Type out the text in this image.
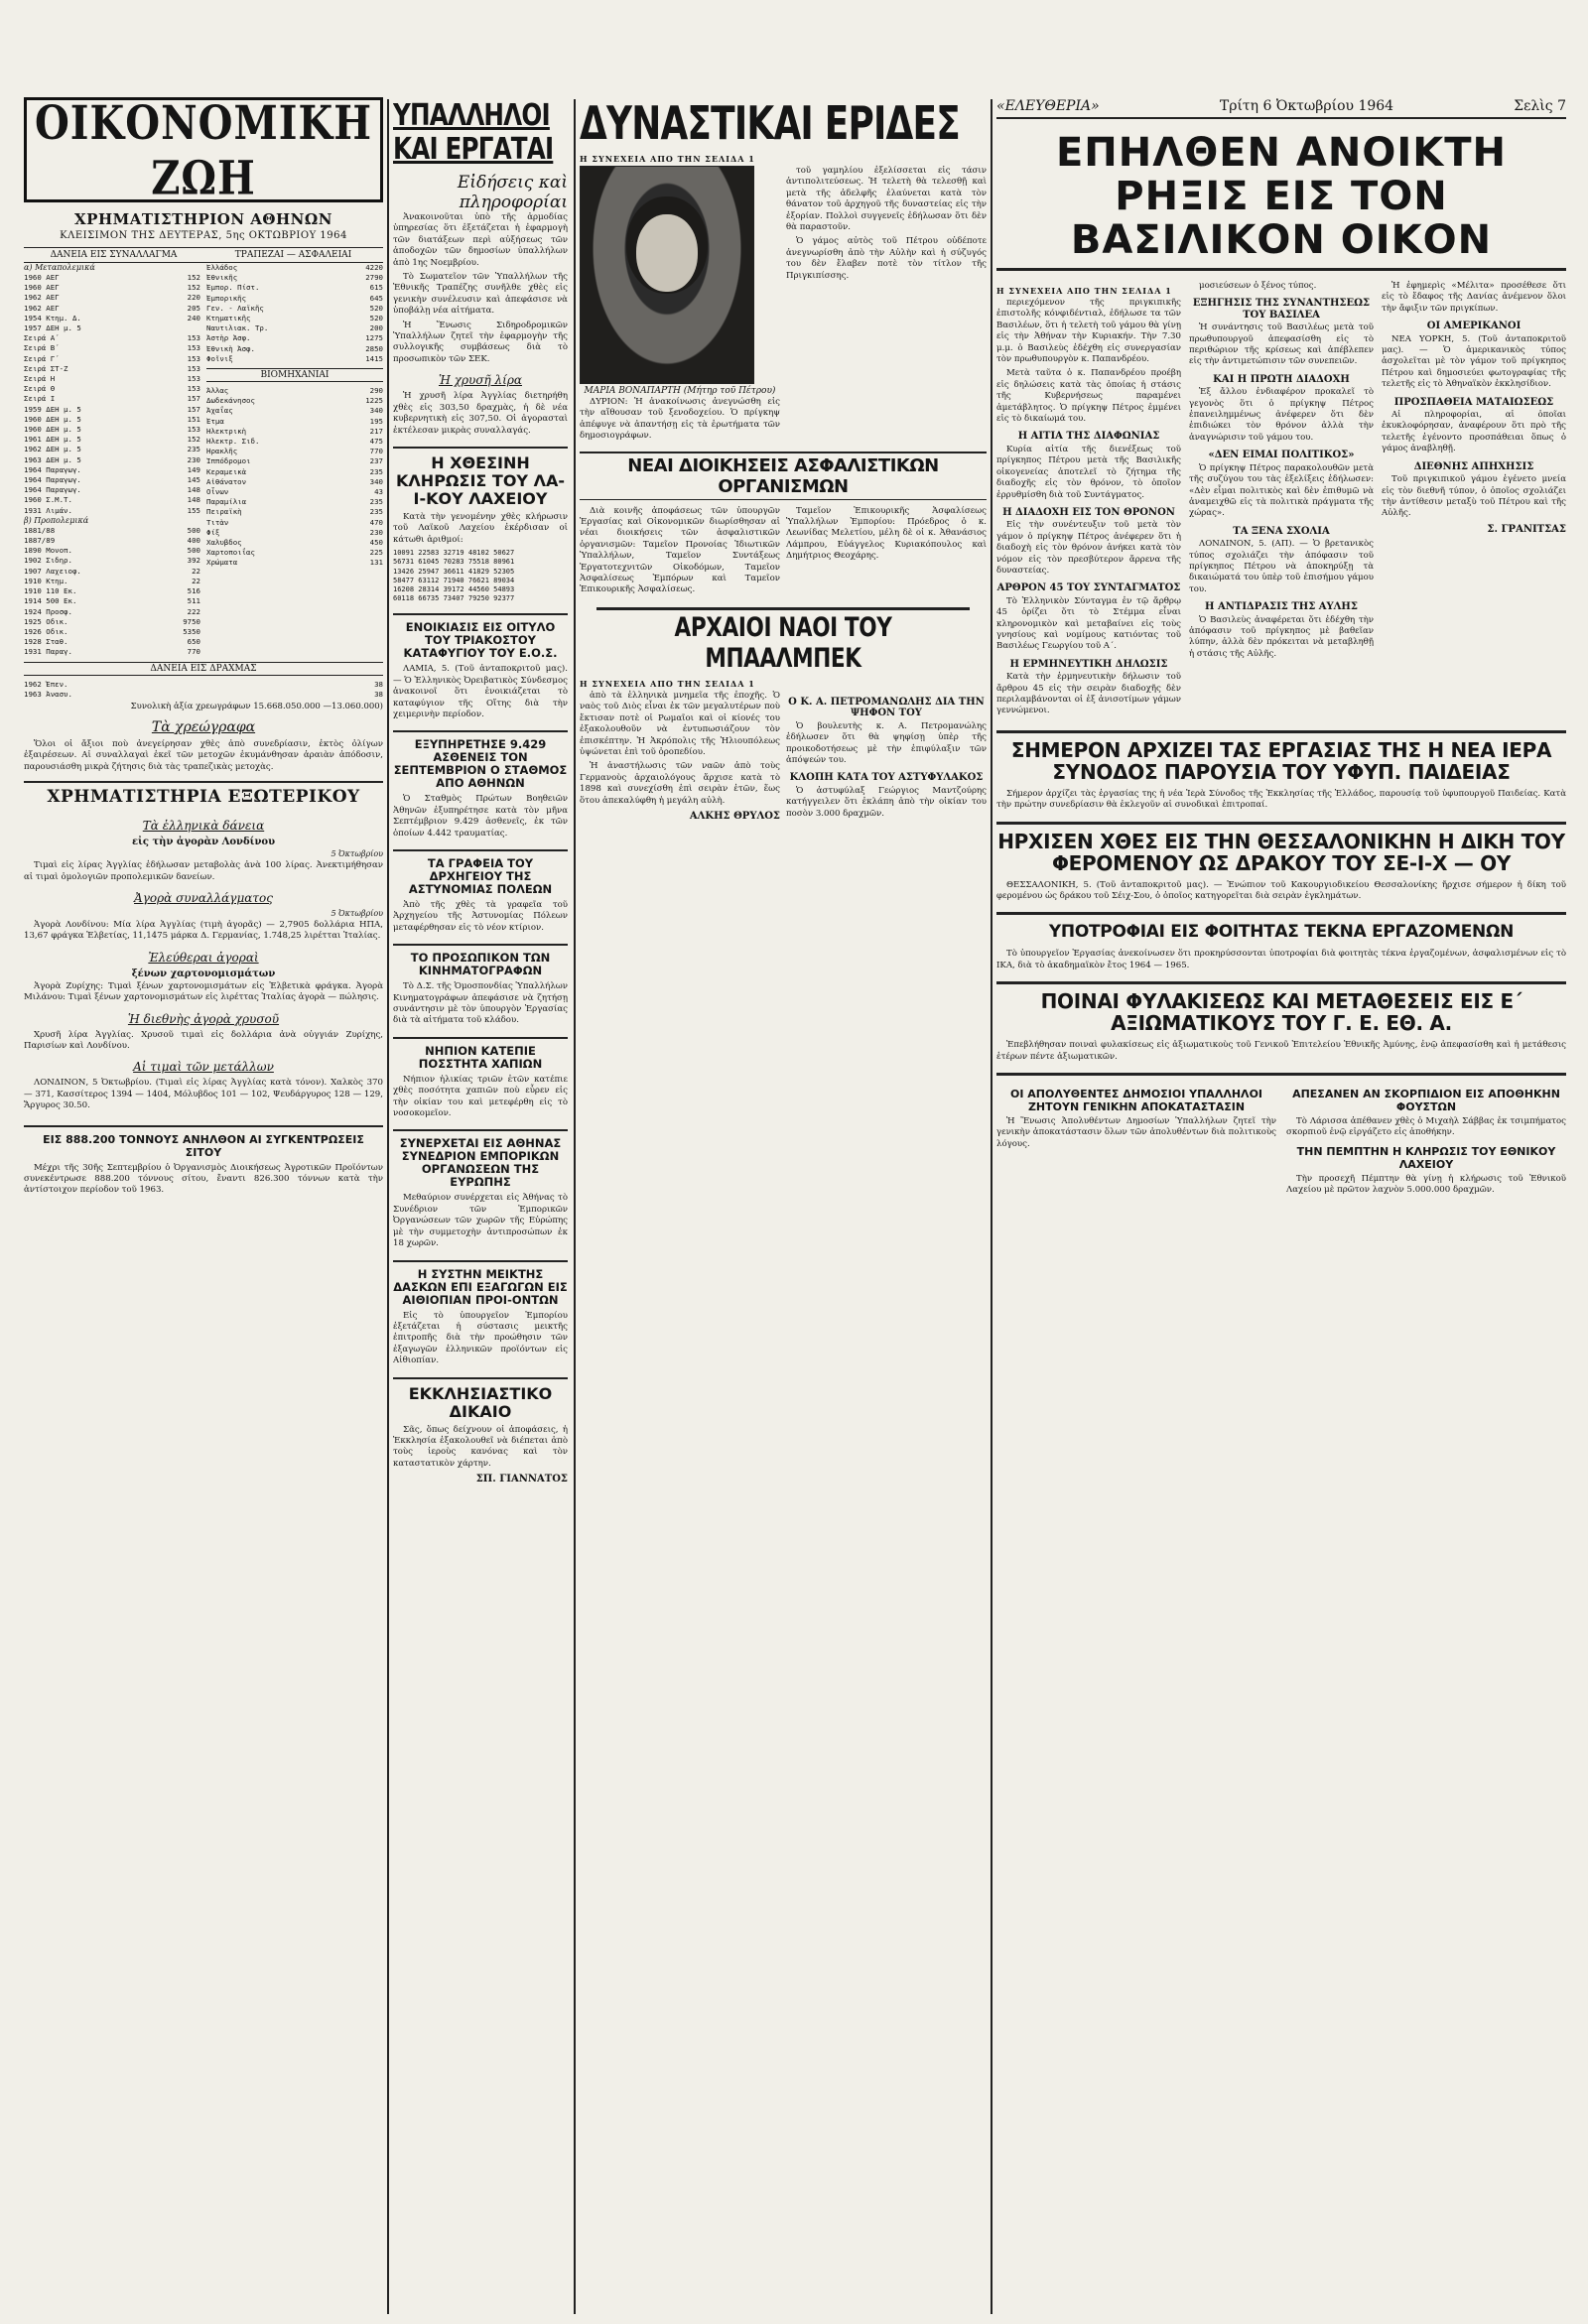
«ΕΛΕΥΘΕΡΙΑ»	Τρίτη 6 Ὀκτωβρίου 1964	Σελὶς 7
ΟΙΚΟΝΟΜΙΚΗ ΖΩΗ
ΧΡΗΜΑΤΙΣΤΗΡΙΟΝ ΑΘΗΝΩΝ
ΚΛΕΙΣΙΜΟΝ ΤΗΣ ΔΕΥΤΕΡΑΣ, 5ης ΟΚΤΩΒΡΙΟΥ 1964
ΔΑΝΕΙΑ ΕΙΣ ΣΥΝΑΛΛΑΓΜΑ	ΤΡΑΠΕΖΑΙ — ΑΣΦΑΛΕΙΑΙ
α) Μεταπολεμικά
1960 ΑΕΓ	152
1960 ΑΕΓ	152
1962 ΑΕΓ	220
1962 ΑΕΓ	205
1954 Κτημ. Δ.	240
1957 ΔΕΗ μ. 5
Σειρά Α΄	153
Σειρά Β΄	153
Σειρά Γ΄	153
Σειρά ΣΤ-Ζ	153
Σειρά Η	153
Σειρά Θ	153
Σειρά Ι	157
1959 ΔΕΗ μ. 5	157
1960 ΔΕΗ μ. 5	151
1960 ΔΕΗ μ. 5	153
1961 ΔΕΗ μ. 5	152
1962 ΔΕΗ μ. 5	235
1963 ΔΕΗ μ. 5	230
1964 Παραγωγ.	149
1964 Παραγωγ.	145
1964 Παραγωγ.	148
1960 Σ.Μ.Τ.	148
1931 Λιμάν.	155
β) Προπολεμικά
1881/88	500
1887/89	400
1890 Μονοπ.	500
1902 Σιδηρ.	392
1907 Λαχειοφ.	22
1910 Κτημ.	22
1910 110 Εκ.	516
1914 500 Εκ.	511
1924 Προσφ.	222
1925 Οδικ.	9750
1926 Οδικ.	5350
1928 Σταθ.	650
1931 Παραγ.	770
Ἑλλάδος	4220
Ἐθνικῆς	2790
Ἐμπορ. Πίστ.	615
Ἐμπορικῆς	645
Γεν. - Λαϊκῆς	520
Κτηματικῆς	520
Ναυτιλιακ. Τρ.	200
Ἀστὴρ Ἀσφ.	1275
Ἐθνικὴ Ἀσφ.	2850
Φοῖνιξ	1415
ΒΙΟΜΗΧΑΝΙΑΙ
Ἄλλας	290
Δωδεκάνησος	1225
Ἀχαΐας	340
Ἔτμα	195
Ἠλεκτρικὴ	217
Ἠλεκτρ. Σιδ.	475
Ἡρακλῆς	770
Ἰππόδρομοι	237
Κεραμεικὰ	235
Αἰθάνατον	340
Οἶνων	43
Παραμίλια	235
Πειραϊκὴ	235
Τιτὰν	470
Φίξ	230
Χαλυβδος	450
Χαρτοποιΐας	225
Χρώματα	131
ΔΑΝΕΙΑ ΕΙΣ ΔΡΑΧΜΑΣ
1962 Ἐπεν.	38
1963 Ἀνασυ.	38
Συνολικὴ ἀξία χρεωγράφων 15.668.050.000 —13.060.000)
Τὰ χρεώγραφα

Ὅλοι οἱ ἄξιοι ποὺ ἀνεγείρησαν χθὲς ἀπὸ συνεδρίασιν, ἐκτὸς ὀλίγων ἐξαιρέσεων. Αἱ συναλλαγαὶ ἐκεῖ τῶν μετοχῶν ἐκυμάνθησαν ἀραιὰν ἀπόδοσιν, παρουσιάσθη μικρὰ ζήτησις διὰ τὰς τραπεζικὰς μετοχὰς.

ΧΡΗΜΑΤΙΣΤΗΡΙΑ ΕΞΩΤΕΡΙΚΟΥ
Τὰ ἑλληνικὰ δάνεια
εἰς τὴν ἀγορὰν Λονδίνου
5 Ὀκτωβρίου

Τιμαὶ εἰς λίρας Ἀγγλίας ἐδήλωσαν μεταβολὰς ἀνὰ 100 λίρας. Ἀνεκτιμήθησαν αἱ τιμαὶ ὁμολογιῶν προπολεμικῶν δανείων.

Ἀγορὰ συναλλάγματος
5 Ὀκτωβρίου

Ἀγορὰ Λονδίνου: Μία λίρα Ἀγγλίας (τιμὴ ἀγορᾶς) — 2,7905 δολλάρια ΗΠΑ, 13,67 φράγκα Ἑλβετίας, 11,1475 μάρκα Δ. Γερμανίας, 1.748,25 λιρέτται Ἰταλίας.

Ἐλεύθεραι ἀγοραὶ
ξένων χαρτονομισμάτων

Ἀγορὰ Ζυρίχης: Τιμαὶ ξένων χαρτονομισμάτων εἰς Ἑλβετικὰ φράγκα. Ἀγορὰ Μιλάνου: Τιμαὶ ξένων χαρτονομισμάτων εἰς λιρέττας Ἰταλίας ἀγορὰ — πώλησις.

Ἡ διεθνὴς ἀγορὰ χρυσοῦ

Χρυσῆ λίρα Ἀγγλίας. Χρυσοῦ τιμαὶ εἰς δολλάρια ἀνὰ οὐγγιάν Ζυρίχης, Παρισίων καὶ Λονδίνου.

Αἱ τιμαὶ τῶν μετάλλων

ΛΟΝΔΙΝΟΝ, 5 Ὀκτωβρίου. (Τιμαὶ εἰς λίρας Ἀγγλίας κατὰ τόνον). Χαλκὸς 370 — 371, Κασσίτερος 1394 — 1404, Μόλυβδος 101 — 102, Ψευδάργυρος 128 — 129, Ἄργυρος 30.50.

ΕΙΣ 888.200 ΤΟΝΝΟΥΣ ΑΝΗΛΘΟΝ ΑΙ ΣΥΓΚΕΝΤΡΩΣΕΙΣ ΣΙΤΟΥ

Μέχρι τῆς 30ῆς Σεπτεμβρίου ὁ Ὀργανισμὸς Διοικήσεως Ἀγροτικῶν Προϊόντων συνεκέντρωσε 888.200 τόννους σίτου, ἔναντι 826.300 τόννων κατὰ τὴν ἀντίστοιχον περίοδον τοῦ 1963.

ΥΠΑΛΛΗΛΟΙ ΚΑΙ ΕΡΓΑΤΑΙ
Εἰδήσεις καὶ πληροφορίαι

Ἀνακοινοῦται ὑπὸ τῆς ἀρμοδίας ὑπηρεσίας ὅτι ἐξετάζεται ἡ ἐφαρμογὴ τῶν διατάξεων περὶ αὐξήσεως τῶν ἀποδοχῶν τῶν δημοσίων ὑπαλλήλων ἀπὸ 1ης Νοεμβρίου.

Τὸ Σωματεῖον τῶν Ὑπαλλήλων τῆς Ἐθνικῆς Τραπέζης συνῆλθε χθὲς εἰς γενικὴν συνέλευσιν καὶ ἀπεφάσισε νὰ ὑποβάλῃ νέα αἰτήματα.

Ἡ Ἕνωσις Σιδηροδρομικῶν Ὑπαλλήλων ζητεῖ τὴν ἐφαρμογὴν τῆς συλλογικῆς συμβάσεως διὰ τὸ προσωπικὸν τῶν ΣΕΚ.

Ἡ χρυσῆ λίρα

Ἡ χρυσῆ λίρα Ἀγγλίας διετηρήθη χθὲς εἰς 303,50 δραχμὰς, ἡ δὲ νέα κυβερνητικὴ εἰς 307,50. Οἱ ἀγορασταὶ ἐκτέλεσαν μικρὰς συναλλαγάς.

Η ΧΘΕΣΙΝΗ ΚΛΗΡΩΣΙΣ ΤΟΥ ΛΑ-Ι-ΚΟΥ ΛΑΧΕΙΟΥ

Κατὰ τὴν γενομένην χθὲς κλήρωσιν τοῦ Λαϊκοῦ Λαχείου ἐκέρδισαν οἱ κάτωθι ἀριθμοί:

10091 22583 32719 48102 50627
56731 61045 70283 75518 80961
13426 25947 36611 41829 52305
58477 63112 71940 76621 89034
16208 28314 39172 44560 54893
60118 66735 73407 79250 92377
ΕΝΟΙΚΙΑΣΙΣ ΕΙΣ ΟΙΤΥΛΟ ΤΟΥ ΤΡΙΑΚΟΣΤΟΥ ΚΑΤΑΦΥΓΙΟΥ ΤΟΥ Ε.Ο.Σ.

ΛΑΜΙΑ, 5. (Τοῦ ἀνταποκριτοῦ μας). — Ὁ Ἑλληνικὸς Ὀρειβατικὸς Σύνδεσμος ἀνακοινοῖ ὅτι ἐνοικιάζεται τὸ καταφύγιον τῆς Οἴτης διὰ τὴν χειμερινὴν περίοδον.

ΕΞΥΠΗΡΕΤΗΣΕ 9.429 ΑΣΘΕΝΕΙΣ ΤΟΝ ΣΕΠΤΕΜΒΡΙΟΝ Ο ΣΤΑΘΜΟΣ ΑΠΟ ΑΘΗΝΩΝ

Ὁ Σταθμὸς Πρώτων Βοηθειῶν Ἀθηνῶν ἐξυπηρέτησε κατὰ τὸν μῆνα Σεπτέμβριον 9.429 ἀσθενεῖς, ἐκ τῶν ὁποίων 4.442 τραυματίας.

ΤΑ ΓΡΑΦΕΙΑ ΤΟΥ ΔΡΧΗΓΕΙΟΥ ΤΗΣ ΑΣΤΥΝΟΜΙΑΣ ΠΟΛΕΩΝ

Ἀπὸ τῆς χθὲς τὰ γραφεῖα τοῦ Ἀρχηγείου τῆς Ἀστυνομίας Πόλεων μεταφέρθησαν εἰς τὸ νέον κτίριον.

ΤΟ ΠΡΟΣΩΠΙΚΟΝ ΤΩΝ ΚΙΝΗΜΑΤΟΓΡΑΦΩΝ

Τὸ Δ.Σ. τῆς Ὁμοσπονδίας Ὑπαλλήλων Κινηματογράφων ἀπεφάσισε νὰ ζητήσῃ συνάντησιν μὲ τὸν ὑπουργὸν Ἐργασίας διὰ τὰ αἰτήματα τοῦ κλάδου.

ΝΗΠΙΟΝ ΚΑΤΕΠΙΕ ΠΟΣΣΤΗΤΑ ΧΑΠΙΩΝ

Νήπιον ἡλικίας τριῶν ἐτῶν κατέπιε χθὲς ποσότητα χαπιῶν ποὺ εὗρεν εἰς τὴν οἰκίαν του καὶ μετεφέρθη εἰς τὸ νοσοκομεῖον.

ΣΥΝΕΡΧΕΤΑΙ ΕΙΣ ΑΘΗΝΑΣ ΣΥΝΕΔΡΙΟΝ ΕΜΠΟΡΙΚΩΝ ΟΡΓΑΝΩΣΕΩΝ ΤΗΣ ΕΥΡΩΠΗΣ

Μεθαύριον συνέρχεται εἰς Ἀθήνας τὸ Συνέδριον τῶν Ἐμπορικῶν Ὀργανώσεων τῶν χωρῶν τῆς Εὐρώπης μὲ τὴν συμμετοχὴν ἀντιπροσώπων ἐκ 18 χωρῶν.

Η ΣΥΣΤΗΝ ΜΕΙΚΤΗΣ ΔΑΣΚΩΝ ΕΠΙ ΕΞΑΓΩΓΩΝ ΕΙΣ ΑΙΘΙΟΠΙΑΝ ΠΡΟΙ-ΟΝΤΩΝ

Εἰς τὸ ὑπουργεῖον Ἐμπορίου ἐξετάζεται ἡ σύστασις μεικτῆς ἐπιτροπῆς διὰ τὴν προώθησιν τῶν ἐξαγωγῶν ἑλληνικῶν προϊόντων εἰς Αἰθιοπίαν.

ΕΚΚΛΗΣΙΑΣΤΙΚΟ ΔΙΚΑΙΟ

Σᾶς, ὅπως δείχνουν οἱ ἀποφάσεις, ἡ Ἐκκλησία ἐξακολουθεῖ νὰ διέπεται ἀπὸ τοὺς ἱεροὺς κανόνας καὶ τὸν καταστατικὸν χάρτην.

ΣΠ. ΓΙΑΝΝΑΤΟΣ
ΔΥΝΑΣΤΙΚΑΙ ΕΡΙΔΕΣ
Η ΣΥΝΕΧΕΙΑ ΑΠΟ ΤΗΝ ΣΕΛΙΔΑ 1
ΜΑΡΙΑ ΒΟΝΑΠΑΡΤΗ (Μήτηρ τοῦ Πέτρου)

ΔΥΡΙΟΝ: Ἡ ἀνακοίνωσις ἀνεγνώσθη εἰς τὴν αἴθουσαν τοῦ ξενοδοχείου. Ὁ πρίγκηψ ἀπέφυγε νὰ ἀπαντήσῃ εἰς τὰ ἐρωτήματα τῶν δημοσιογράφων.

τοῦ γαμηλίου ἐξελίσσεται εἰς τάσιν ἀντιπολιτεύσεως. Ἡ τελετὴ θὰ τελεσθῇ καὶ μετὰ τῆς ἀδελφῆς ἐλαύνεται κατὰ τὸν θάνατον τοῦ ἀρχηγοῦ τῆς δυναστείας εἰς τὴν ἐξορίαν. Πολλοὶ συγγενεῖς ἐδήλωσαν ὅτι δὲν θὰ παραστοῦν.

Ὁ γάμος αὐτὸς τοῦ Πέτρου οὐδέποτε ἀνεγνωρίσθη ἀπὸ τὴν Αὐλὴν καὶ ἡ σύζυγός του δὲν ἔλαβεν ποτὲ τὸν τίτλον τῆς Πριγκιπίσσης.

ΝΕΑΙ ΔΙΟΙΚΗΣΕΙΣ ΑΣΦΑΛΙΣΤΙΚΩΝ ΟΡΓΑΝΙΣΜΩΝ

Διὰ κοινῆς ἀποφάσεως τῶν ὑπουργῶν Ἐργασίας καὶ Οἰκονομικῶν διωρίσθησαν αἱ νέαι διοικήσεις τῶν ἀσφαλιστικῶν ὀργανισμῶν: Ταμεῖον Προνοίας Ἰδιωτικῶν Ὑπαλλήλων, Ταμεῖον Συντάξεως Ἐργατοτεχνιτῶν Οἰκοδόμων, Ταμεῖον Ἀσφαλίσεως Ἐμπόρων καὶ Ταμεῖον Ἐπικουρικῆς Ἀσφαλίσεως.

Ταμεῖον Ἐπικουρικῆς Ἀσφαλίσεως Ὑπαλλήλων Ἐμπορίου: Πρόεδρος ὁ κ. Λεωνίδας Μελετίου, μέλη δὲ οἱ κ. Ἀθανάσιος Λάμπρου, Εὐάγγελος Κυριακόπουλος καὶ Δημήτριος Θεοχάρης.

ΑΡΧΑΙΟΙ ΝΑΟΙ ΤΟΥ ΜΠΑΑΛΜΠΕΚ
Η ΣΥΝΕΧΕΙΑ ΑΠΟ ΤΗΝ ΣΕΛΙΔΑ 1

ἀπὸ τὰ ἑλληνικὰ μνημεῖα τῆς ἐποχῆς. Ὁ ναὸς τοῦ Διὸς εἶναι ἐκ τῶν μεγαλυτέρων ποὺ ἔκτισαν ποτὲ οἱ Ρωμαῖοι καὶ οἱ κίονές του ἐξακολουθοῦν νὰ ἐντυπωσιάζουν τὸν ἐπισκέπτην. Ἡ Ἀκρόπολις τῆς Ἡλιουπόλεως ὑψώνεται ἐπὶ τοῦ ὀροπεδίου.

Ἡ ἀναστήλωσις τῶν ναῶν ἀπὸ τοὺς Γερμανοὺς ἀρχαιολόγους ἄρχισε κατὰ τὸ 1898 καὶ συνεχίσθη ἐπὶ σειρὰν ἐτῶν, ἕως ὅτου ἀπεκαλύφθη ἡ μεγάλη αὐλὴ.

ΑΛΚΗΣ ΘΡΥΛΟΣ
Ο Κ. Α. ΠΕΤΡΟΜΑΝΩΛΗΣ ΔΙΑ ΤΗΝ ΨΗΦΟΝ ΤΟΥ

Ὁ βουλευτὴς κ. Α. Πετρομανώλης ἐδήλωσεν ὅτι θὰ ψηφίσῃ ὑπὲρ τῆς προικοδοτήσεως μὲ τὴν ἐπιφύλαξιν τῶν ἀπόψεών του.

ΚΛΟΠΗ ΚΑΤΑ ΤΟΥ ΑΣΤΥΦΥΛΑΚΟΣ

Ὁ ἀστυφύλαξ Γεώργιος Μαντζούρης κατήγγειλεν ὅτι ἐκλάπη ἀπὸ τὴν οἰκίαν του ποσὸν 3.000 δραχμῶν.

ΕΠΗΛΘΕΝ ΑΝΟΙΚΤΗ ΡΗΞΙΣ ΕΙΣ ΤΟΝ ΒΑΣΙΛΙΚΟΝ ΟΙΚΟΝ
Η ΣΥΝΕΧΕΙΑ ΑΠΟ ΤΗΝ ΣΕΛΙΔΑ 1

περιεχόμενον τῆς πριγκιπικῆς ἐπιστολῆς κόνφιδέντιαλ, ἐδήλωσε τα τῶν Βασιλέων, ὅτι ἡ τελετὴ τοῦ γάμου θὰ γίνῃ εἰς τὴν Ἀθήναν τὴν Κυριακήν. Τὴν 7.30 μ.μ. ὁ Βασιλεὺς ἐδέχθη εἰς συνεργασίαν τὸν πρωθυπουργὸν κ. Παπανδρέου.

Μετὰ ταῦτα ὁ κ. Παπανδρέου προέβη εἰς δηλώσεις κατὰ τὰς ὁποίας ἡ στάσις τῆς Κυβερνήσεως παραμένει ἀμετάβλητος. Ὁ πρίγκηψ Πέτρος ἐμμένει εἰς τὸ δικαίωμά του.

Η ΑΙΤΙΑ ΤΗΣ ΔΙΑΦΩΝΙΑΣ

Κυρία αἰτία τῆς διενέξεως τοῦ πρίγκηπος Πέτρου μετὰ τῆς Βασιλικῆς οἰκογενείας ἀποτελεῖ τὸ ζήτημα τῆς διαδοχῆς εἰς τὸν θρόνον, τὸ ὁποῖον ἐρρυθμίσθη διὰ τοῦ Συντάγματος.

Η ΔΙΑΔΟΧΗ ΕΙΣ ΤΟΝ ΘΡΟΝΟΝ

Εἰς τὴν συνέντευξιν τοῦ μετὰ τὸν γάμον ὁ πρίγκηψ Πέτρος ἀνέφερεν ὅτι ἡ διαδοχὴ εἰς τὸν θρόνον ἀνήκει κατὰ τὸν νόμον εἰς τὸν πρεσβύτερον ἄρρενα τῆς δυναστείας.

ΑΡΘΡΟΝ 45 ΤΟΥ ΣΥΝΤΑΓΜΑΤΟΣ

Τὸ Ἑλληνικὸν Σύνταγμα ἐν τῷ ἄρθρῳ 45 ὁρίζει ὅτι τὸ Στέμμα εἶναι κληρονομικὸν καὶ μεταβαίνει εἰς τοὺς γνησίους καὶ νομίμους κατιόντας τοῦ Βασιλέως Γεωργίου τοῦ Α΄.

Η ΕΡΜΗΝΕΥΤΙΚΗ ΔΗΛΩΣΙΣ

Κατὰ τὴν ἑρμηνευτικὴν δήλωσιν τοῦ ἄρθρου 45 εἰς τὴν σειρὰν διαδοχῆς δὲν περιλαμβάνονται οἱ ἐξ ἀνισοτίμων γάμων γεννώμενοι.

μοσιεύσεων ὁ ξένος τύπος.

ΕΞΗΓΗΣΙΣ ΤΗΣ ΣΥΝΑΝΤΗΣΕΩΣ ΤΟΥ ΒΑΣΙΛΕΑ

Ἡ συνάντησις τοῦ Βασιλέως μετὰ τοῦ πρωθυπουργοῦ ἀπεφασίσθη εἰς τὸ περιθώριον τῆς κρίσεως καὶ ἀπέβλεπεν εἰς τὴν ἀντιμετώπισιν τῶν συνεπειῶν.

ΚΑΙ Η ΠΡΩΤΗ ΔΙΑΔΟΧΗ

Ἐξ ἄλλου ἐνδιαφέρον προκαλεῖ τὸ γεγονὸς ὅτι ὁ πρίγκηψ Πέτρος ἐπανειλημμένως ἀνέφερεν ὅτι δὲν ἐπιδιώκει τὸν θρόνον ἀλλὰ τὴν ἀναγνώρισιν τοῦ γάμου του.

«ΔΕΝ ΕΙΜΑΙ ΠΟΛΙΤΙΚΟΣ»

Ὁ πρίγκηψ Πέτρος παρακολουθῶν μετὰ τῆς συζύγου του τὰς ἐξελίξεις ἐδήλωσεν: «Δὲν εἶμαι πολιτικὸς καὶ δὲν ἐπιθυμῶ νὰ ἀναμειχθῶ εἰς τὰ πολιτικὰ πράγματα τῆς χώρας».

ΤΑ ΞΕΝΑ ΣΧΟΛΙΑ

ΛΟΝΔΙΝΟΝ, 5. (ΑΠ). — Ὁ βρετανικὸς τύπος σχολιάζει τὴν ἀπόφασιν τοῦ πρίγκηπος Πέτρου νὰ ἀποκηρύξῃ τὰ δικαιώματά του ὑπὲρ τοῦ ἐπισήμου γάμου του.

Η ΑΝΤΙΔΡΑΣΙΣ ΤΗΣ ΑΥΛΗΣ

Ὁ Βασιλεὺς ἀναφέρεται ὅτι ἐδέχθη τὴν ἀπόφασιν τοῦ πρίγκηπος μὲ βαθεῖαν λύπην, ἀλλὰ δὲν πρόκειται νὰ μεταβληθῇ ἡ στάσις τῆς Αὐλῆς.

Ἡ ἐφημερὶς «Μέλιτα» προσέθεσε ὅτι εἰς τὸ ἔδαφος τῆς Δανίας ἀνέμενον ὅλοι τὴν ἄφιξιν τῶν πριγκίπων.

ΟΙ ΑΜΕΡΙΚΑΝΟΙ

ΝΕΑ ΥΟΡΚΗ, 5. (Τοῦ ἀνταποκριτοῦ μας). — Ὁ ἀμερικανικὸς τύπος ἀσχολεῖται μὲ τὸν γάμον τοῦ πρίγκηπος Πέτρου καὶ δημοσιεύει φωτογραφίας τῆς τελετῆς εἰς τὸ Ἀθηναϊκὸν ἐκκλησίδιον.

ΠΡΟΣΠΑΘΕΙΑ ΜΑΤΑΙΩΣΕΩΣ

Αἱ πληροφορίαι, αἱ ὁποῖαι ἐκυκλοφόρησαν, ἀναφέρουν ὅτι πρὸ τῆς τελετῆς ἐγένοντο προσπάθειαι ὅπως ὁ γάμος ἀναβληθῇ.

ΔΙΕΘΝΗΣ ΑΠΗΧΗΣΙΣ

Τοῦ πριγκιπικοῦ γάμου ἐγένετο μνεία εἰς τὸν διεθνῆ τύπον, ὁ ὁποῖος σχολιάζει τὴν ἀντίθεσιν μεταξὺ τοῦ Πέτρου καὶ τῆς Αὐλῆς.

Σ. ΓΡΑΝΙΤΣΑΣ
ΣΗΜΕΡΟΝ ΑΡΧΙΖΕΙ ΤΑΣ ΕΡΓΑΣΙΑΣ ΤΗΣ Η ΝΕΑ ΙΕΡΑ ΣΥΝΟΔΟΣ ΠΑΡΟΥΣΙΑ ΤΟΥ ΥΦΥΠ. ΠΑΙΔΕΙΑΣ

Σήμερον ἀρχίζει τὰς ἐργασίας της ἡ νέα Ἱερὰ Σύνοδος τῆς Ἐκκλησίας τῆς Ἑλλάδος, παρουσίᾳ τοῦ ὑφυπουργοῦ Παιδείας. Κατὰ τὴν πρώτην συνεδρίασιν θὰ ἐκλεγοῦν αἱ συνοδικαὶ ἐπιτροπαί.

ΗΡΧΙΣΕΝ ΧΘΕΣ ΕΙΣ ΤΗΝ ΘΕΣΣΑΛΟΝΙΚΗΝ Η ΔΙΚΗ ΤΟΥ ΦΕΡΟΜΕΝΟΥ ΩΣ ΔΡΑΚΟΥ ΤΟΥ ΣΕ-Ι-Χ — ΟΥ

ΘΕΣΣΑΛΟΝΙΚΗ, 5. (Τοῦ ἀνταποκριτοῦ μας). — Ἐνώπιον τοῦ Κακουργιοδικείου Θεσσαλονίκης ἤρχισε σήμερον ἡ δίκη τοῦ φερομένου ὡς δράκου τοῦ Σέιχ-Σου, ὁ ὁποῖος κατηγορεῖται διὰ σειρὰν ἐγκλημάτων.

ΥΠΟΤΡΟΦΙΑΙ ΕΙΣ ΦΟΙΤΗΤΑΣ ΤΕΚΝΑ ΕΡΓΑΖΟΜΕΝΩΝ

Τὸ ὑπουργεῖον Ἐργασίας ἀνεκοίνωσεν ὅτι προκηρύσσονται ὑποτροφίαι διὰ φοιτητὰς τέκνα ἐργαζομένων, ἀσφαλισμένων εἰς τὸ ΙΚΑ, διὰ τὸ ἀκαδημαϊκὸν ἔτος 1964 — 1965.

ΠΟΙΝΑΙ ΦΥΛΑΚΙΣΕΩΣ ΚΑΙ ΜΕΤΑΘΕΣΕΙΣ ΕΙΣ Ε΄ ΑΞΙΩΜΑΤΙΚΟΥΣ ΤΟΥ Γ. Ε. ΕΘ. Α.

Ἐπεβλήθησαν ποιναὶ φυλακίσεως εἰς ἀξιωματικοὺς τοῦ Γενικοῦ Ἐπιτελείου Ἐθνικῆς Ἀμύνης, ἐνῷ ἀπεφασίσθη καὶ ἡ μετάθεσις ἑτέρων πέντε ἀξιωματικῶν.

ΟΙ ΑΠΟΛΥΘΕΝΤΕΣ ΔΗΜΟΣΙΟΙ ΥΠΑΛΛΗΛΟΙ ΖΗΤΟΥΝ ΓΕΝΙΚΗΝ ΑΠΟΚΑΤΑΣΤΑΣΙΝ

Ἡ Ἕνωσις Ἀπολυθέντων Δημοσίων Ὑπαλλήλων ζητεῖ τὴν γενικὴν ἀποκατάστασιν ὅλων τῶν ἀπολυθέντων διὰ πολιτικοὺς λόγους.

ΑΠΕΣΑΝΕΝ ΑΝ ΣΚΟΡΠΙΔΙΟΝ ΕΙΣ ΑΠΟΘΗΚΗΝ ΦΟΥΣΤΩΝ

Τὸ Λάρισσα ἀπέθανεν χθὲς ὁ Μιχαὴλ Σάββας ἐκ τσιμπήματος σκορπιοῦ ἐνῷ εἰργάζετο εἰς ἀποθήκην.

ΤΗΝ ΠΕΜΠΤΗΝ Η ΚΛΗΡΩΣΙΣ ΤΟΥ ΕΘΝΙΚΟΥ ΛΑΧΕΙΟΥ

Τὴν προσεχῆ Πέμπτην θὰ γίνῃ ἡ κλήρωσις τοῦ Ἐθνικοῦ Λαχείου μὲ πρῶτον λαχνὸν 5.000.000 δραχμῶν.
